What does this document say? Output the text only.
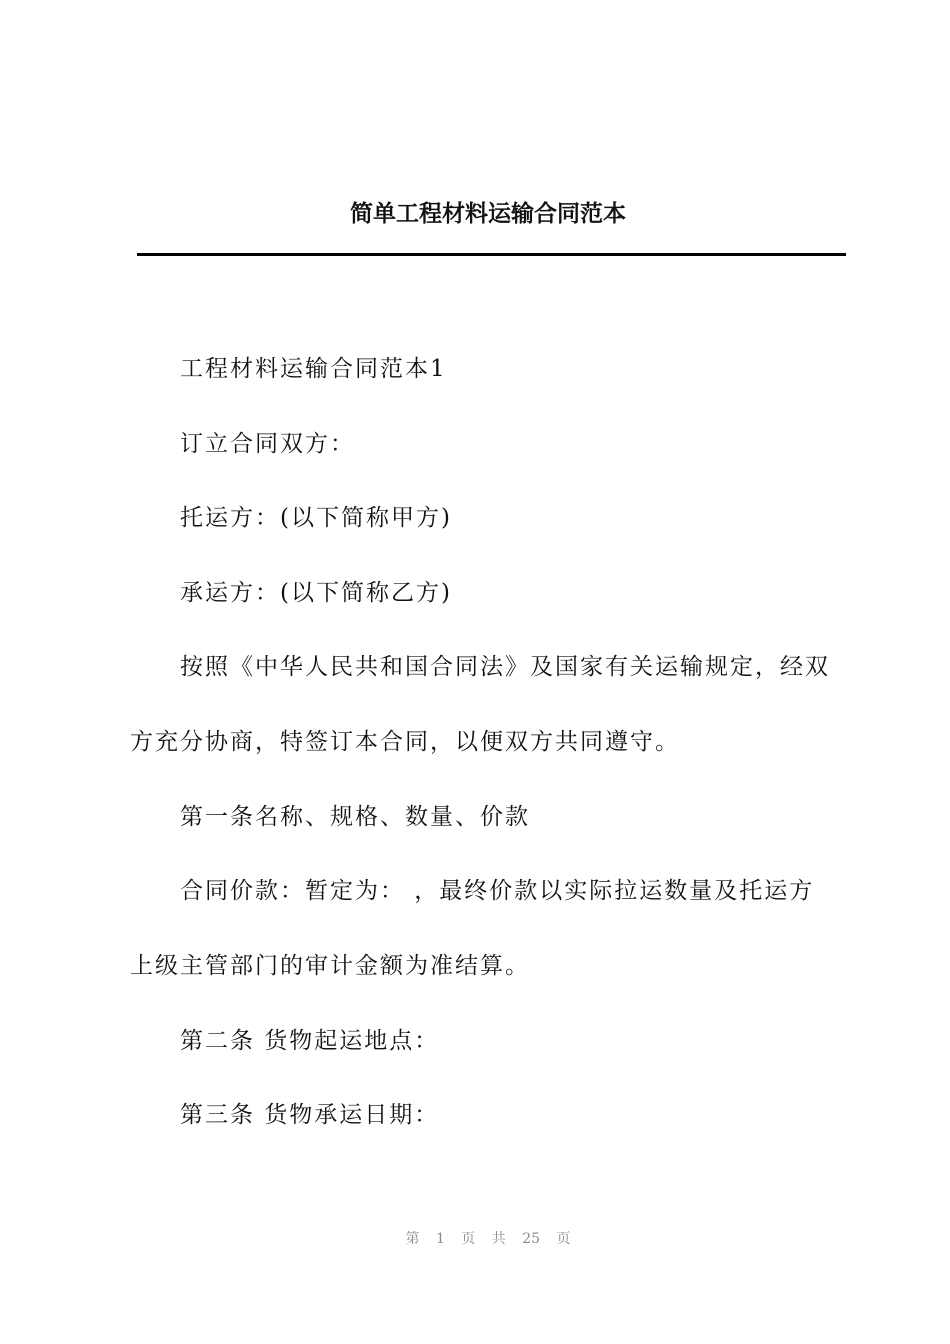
简单工程材料运输合同范本
工程材料运输合同范本1
订立合同双方：
托运方：(以下简称甲方)
承运方：(以下简称乙方)
按照《中华人民共和国合同法》及国家有关运输规定，经双
方充分协商，特签订本合同，以便双方共同遵守。
第一条名称、规格、数量、价款
合同价款：暂定为： ，最终价款以实际拉运数量及托运方
上级主管部门的审计金额为准结算。
第二条 货物起运地点：
第三条 货物承运日期：
第 1 页 共 25 页
